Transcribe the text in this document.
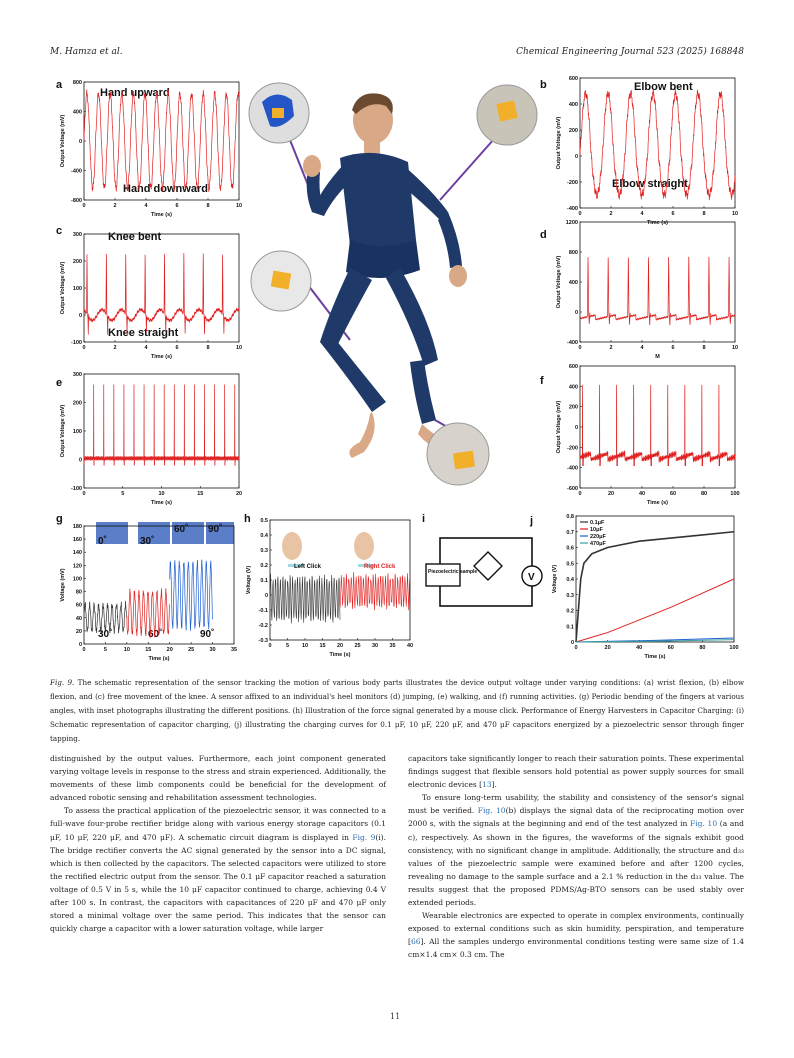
M. Hamza et al.	Chemical Engineering Journal 523 (2025) 168848
a
Hand upward
Hand downward
0	2	4	6	8	10
-800
-400
0
400
800
Time (s)
Output Voltage (mV)
b	Elbow bent
Elbow straight
0	2	4	6	8	10
-400
-200
0
200
400
600
Time (s)
Output Voltage (mV)
c	Knee bent
Knee straight
0	2	4	6	8	10
-100
0
100
200
300
Time (s)
Output Voltage (mV)
d
0	2	4	6	8	10
-400
0
400
800
1200
M
Output Voltage (mV)
e
0	5	10	15	20
-100
0
100
200
300
Time (s)
Output Voltage (mV)
f
0	20	40	60	80	100
-600
-400
-200
0
200
400
600
Time (s)
Output Voltage (mV)
g
0˚	30˚
60˚ 90˚
30˚	60˚	90˚
0	5	10	15	20	25	30	35
0
20
40
60
80
100
120
140
160
180
Time (s)
Voltage (mV)
h
Left Click	Right Click
0	5 10 15 20 25 30 35 40
-0.3
-0.2
-0.1
0
0.1
0.2
0.3
0.4
0.5
Time (s)
Voltage (V)
i
Piezoelectric sample	V
j
0	20	40	60	80	100
0
0.1
0.2
0.3
0.4
0.5
0.6
0.7
0.8
Time (s)
Voltage (V)
0.1μF
10μF
220μF
470μF
Fig. 9. The schematic representation of the sensor tracking the motion of various body parts illustrates the device output voltage under varying conditions: (a) wrist flexion, (b) elbow flexion, and (c) free movement of the knee. A sensor affixed to an individual's heel monitors (d) jumping, (e) walking, and (f) running activities. (g) Periodic bending of the fingers at various angles, with inset photographs illustrating the different positions. (h) Illustration of the force signal generated by a mouse click. Performance of Energy Harvesters in Capacitor Charging: (i) Schematic representation of capacitor charging, (j) illustrating the charging curves for 0.1 μF, 10 μF, 220 μF, and 470 μF capacitors energized by a piezoelectric sensor through finger tapping.

distinguished by the output values. Furthermore, each joint component generated varying voltage levels in response to the stress and strain experienced. Additionally, the movements of these limb components could be beneficial for the development of advanced robotic sensing and rehabilitation assessment technologies.

To assess the practical application of the piezoelectric sensor, it was connected to a full-wave four-probe rectifier bridge along with various energy storage capacitors (0.1 μF, 10 μF, 220 μF, and 470 μF). A schematic circuit diagram is displayed in Fig. 9(i). The bridge rectifier converts the AC signal generated by the sensor into a DC signal, which is then collected by the capacitors. The selected capacitors were utilized to store the rectified electric output from the sensor. The 0.1 μF capacitor reached a saturation voltage of 0.5 V in 5 s, while the 10 μF capacitor continued to charge, achieving 0.4 V after 100 s. In contrast, the capacitors with capacitances of 220 μF and 470 μF only stored a minimal voltage over the same period. This indicates that the sensor can quickly charge a capacitor with a lower saturation voltage, while larger

capacitors take significantly longer to reach their saturation points. These experimental findings suggest that flexible sensors hold potential as power supply sources for small electronic devices [13].

To ensure long-term usability, the stability and consistency of the sensor's signal must be verified. Fig. 10(b) displays the signal data of the reciprocating motion over 2000 s, with the signals at the beginning and end of the test analyzed in Fig. 10 (a and c), respectively. As shown in the figures, the waveforms of the signals exhibit good consistency, with no significant change in amplitude. Additionally, the structure and d₃₃ values of the piezoelectric sample were examined before and after 1200 cycles, revealing no damage to the sample surface and a 2.1 % reduction in the d₃₃ value. The results suggest that the proposed PDMS/Ag-BTO sensors can be used stably over extended periods.

Wearable electronics are expected to operate in complex environments, continually exposed to external conditions such as skin humidity, perspiration, and temperature [66]. All the samples undergo environmental conditions testing were same size of 1.4 cm×1.4 cm× 0.3 cm. The

11
